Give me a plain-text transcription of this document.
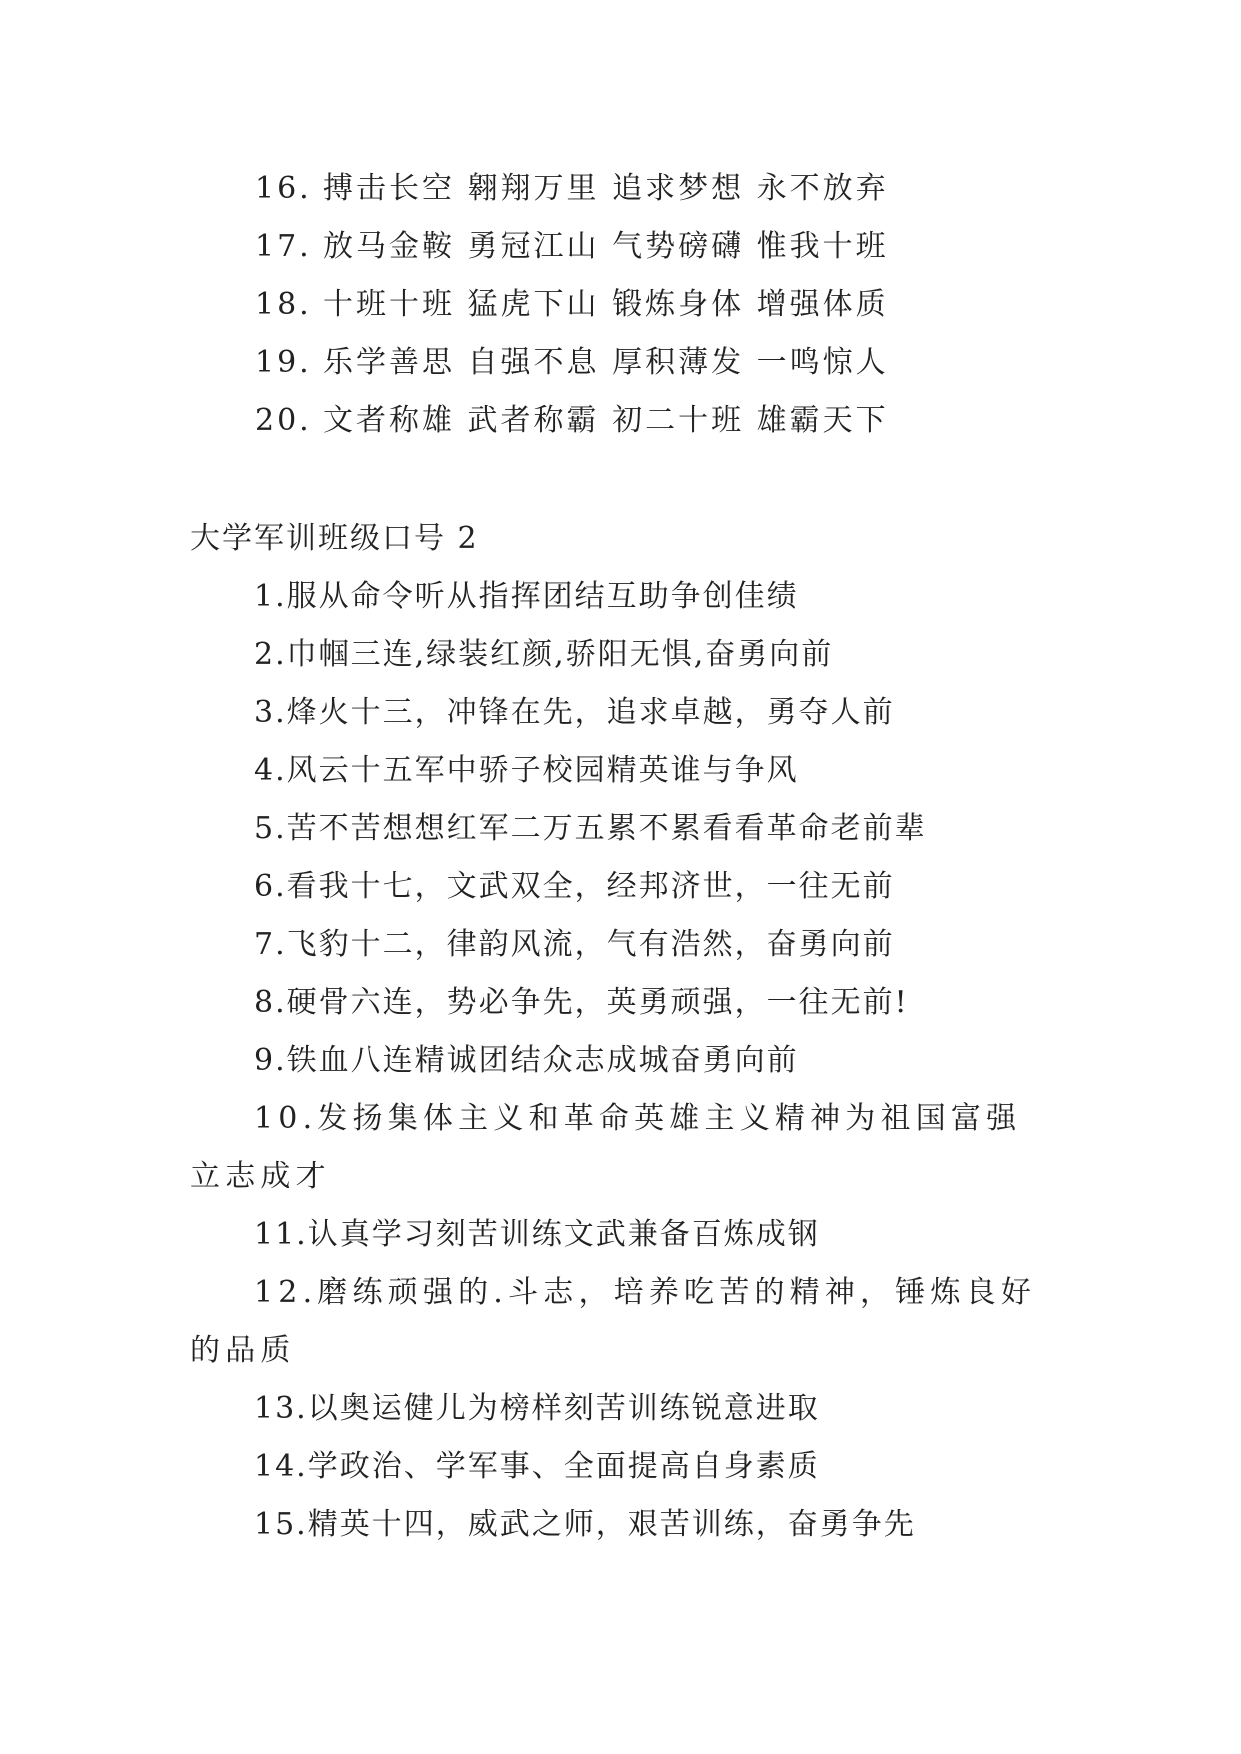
16. 搏击长空 翱翔万里 追求梦想 永不放弃
17. 放马金鞍 勇冠江山 气势磅礴 惟我十班
18. 十班十班 猛虎下山 锻炼身体 增强体质
19. 乐学善思 自强不息 厚积薄发 一鸣惊人
20. 文者称雄 武者称霸 初二十班 雄霸天下
大学军训班级口号 2

1.服从命令听从指挥团结互助争创佳绩

2.巾帼三连,绿装红颜,骄阳无惧,奋勇向前

3.烽火十三，冲锋在先，追求卓越，勇夺人前

4.风云十五军中骄子校园精英谁与争风

5.苦不苦想想红军二万五累不累看看革命老前辈

6.看我十七，文武双全，经邦济世，一往无前

7.飞豹十二，律韵风流，气有浩然，奋勇向前

8.硬骨六连，势必争先，英勇顽强，一往无前!

9.铁血八连精诚团结众志成城奋勇向前

10.发扬集体主义和革命英雄主义精神为祖国富强立志成才

11.认真学习刻苦训练文武兼备百炼成钢

12.磨练顽强的.斗志，培养吃苦的精神，锤炼良好的品质

13.以奥运健儿为榜样刻苦训练锐意进取

14.学政治、学军事、全面提高自身素质

15.精英十四，威武之师，艰苦训练，奋勇争先
